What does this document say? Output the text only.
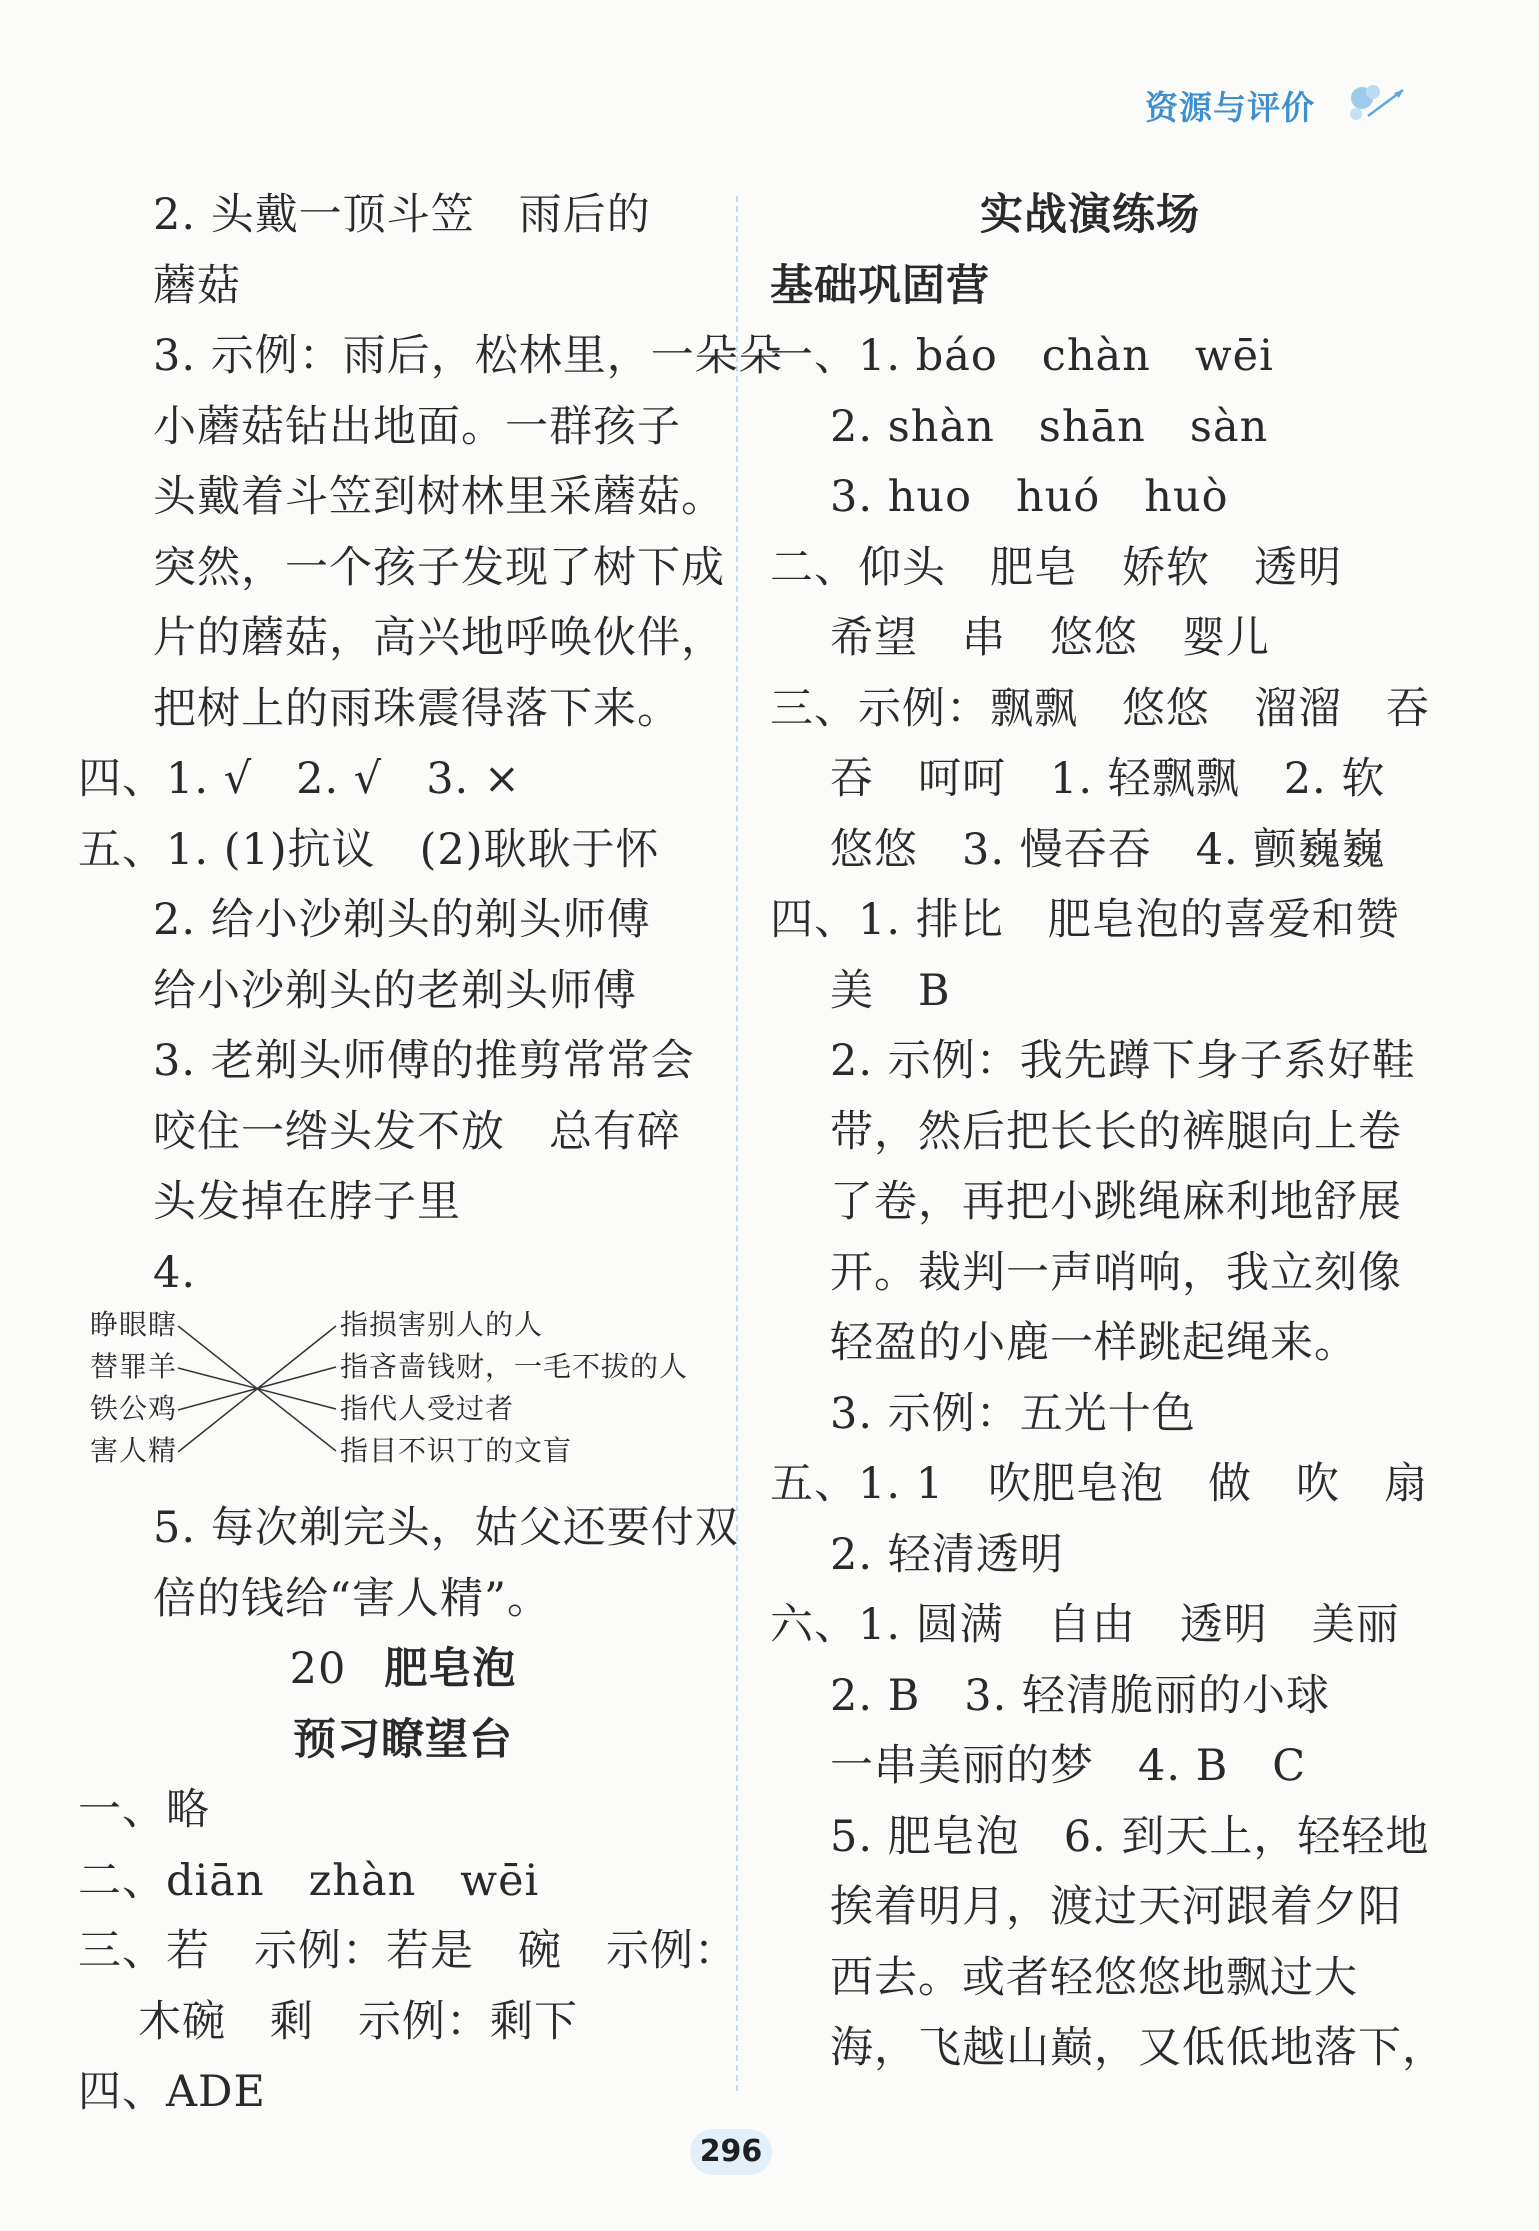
资源与评价
2. 头戴一顶斗笠　雨后的
蘑菇
3. 示例：雨后，松林里，一朵朵
小蘑菇钻出地面。一群孩子
头戴着斗笠到树林里采蘑菇。
突然，一个孩子发现了树下成
片的蘑菇，高兴地呼唤伙伴，
把树上的雨珠震得落下来。
四、1. √　2. √　3. ×
五、1. (1)抗议　(2)耿耿于怀
2. 给小沙剃头的剃头师傅
给小沙剃头的老剃头师傅
3. 老剃头师傅的推剪常常会
咬住一绺头发不放　总有碎
头发掉在脖子里
4.
睁眼瞎
替罪羊
铁公鸡
害人精
指损害别人的人
指吝啬钱财，一毛不拔的人
指代人受过者
指目不识丁的文盲
5. 每次剃完头，姑父还要付双
倍的钱给“害人精”。
20 肥皂泡
预习瞭望台
一、略
二、diān　zhàn　wēi
三、若　示例：若是　碗　示例：
木碗　剩　示例：剩下
四、ADE
实战演练场
基础巩固营
一、1. báo　chàn　wēi
2. shàn　shān　sàn
3. huo　huó　huò
二、仰头　肥皂　娇软　透明
希望　串　悠悠　婴儿
三、示例：飘飘　悠悠　溜溜　吞
吞　呵呵　1. 轻飘飘　2. 软
悠悠　3. 慢吞吞　4. 颤巍巍
四、1. 排比　肥皂泡的喜爱和赞
美　B
2. 示例：我先蹲下身子系好鞋
带，然后把长长的裤腿向上卷
了卷，再把小跳绳麻利地舒展
开。裁判一声哨响，我立刻像
轻盈的小鹿一样跳起绳来。
3. 示例：五光十色
五、1. 1　吹肥皂泡　做　吹　扇
2. 轻清透明
六、1. 圆满　自由　透明　美丽
2. B　3. 轻清脆丽的小球
一串美丽的梦　4. B　C
5. 肥皂泡　6. 到天上，轻轻地
挨着明月，渡过天河跟着夕阳
西去。或者轻悠悠地飘过大
海，飞越山巅，又低低地落下，
296
